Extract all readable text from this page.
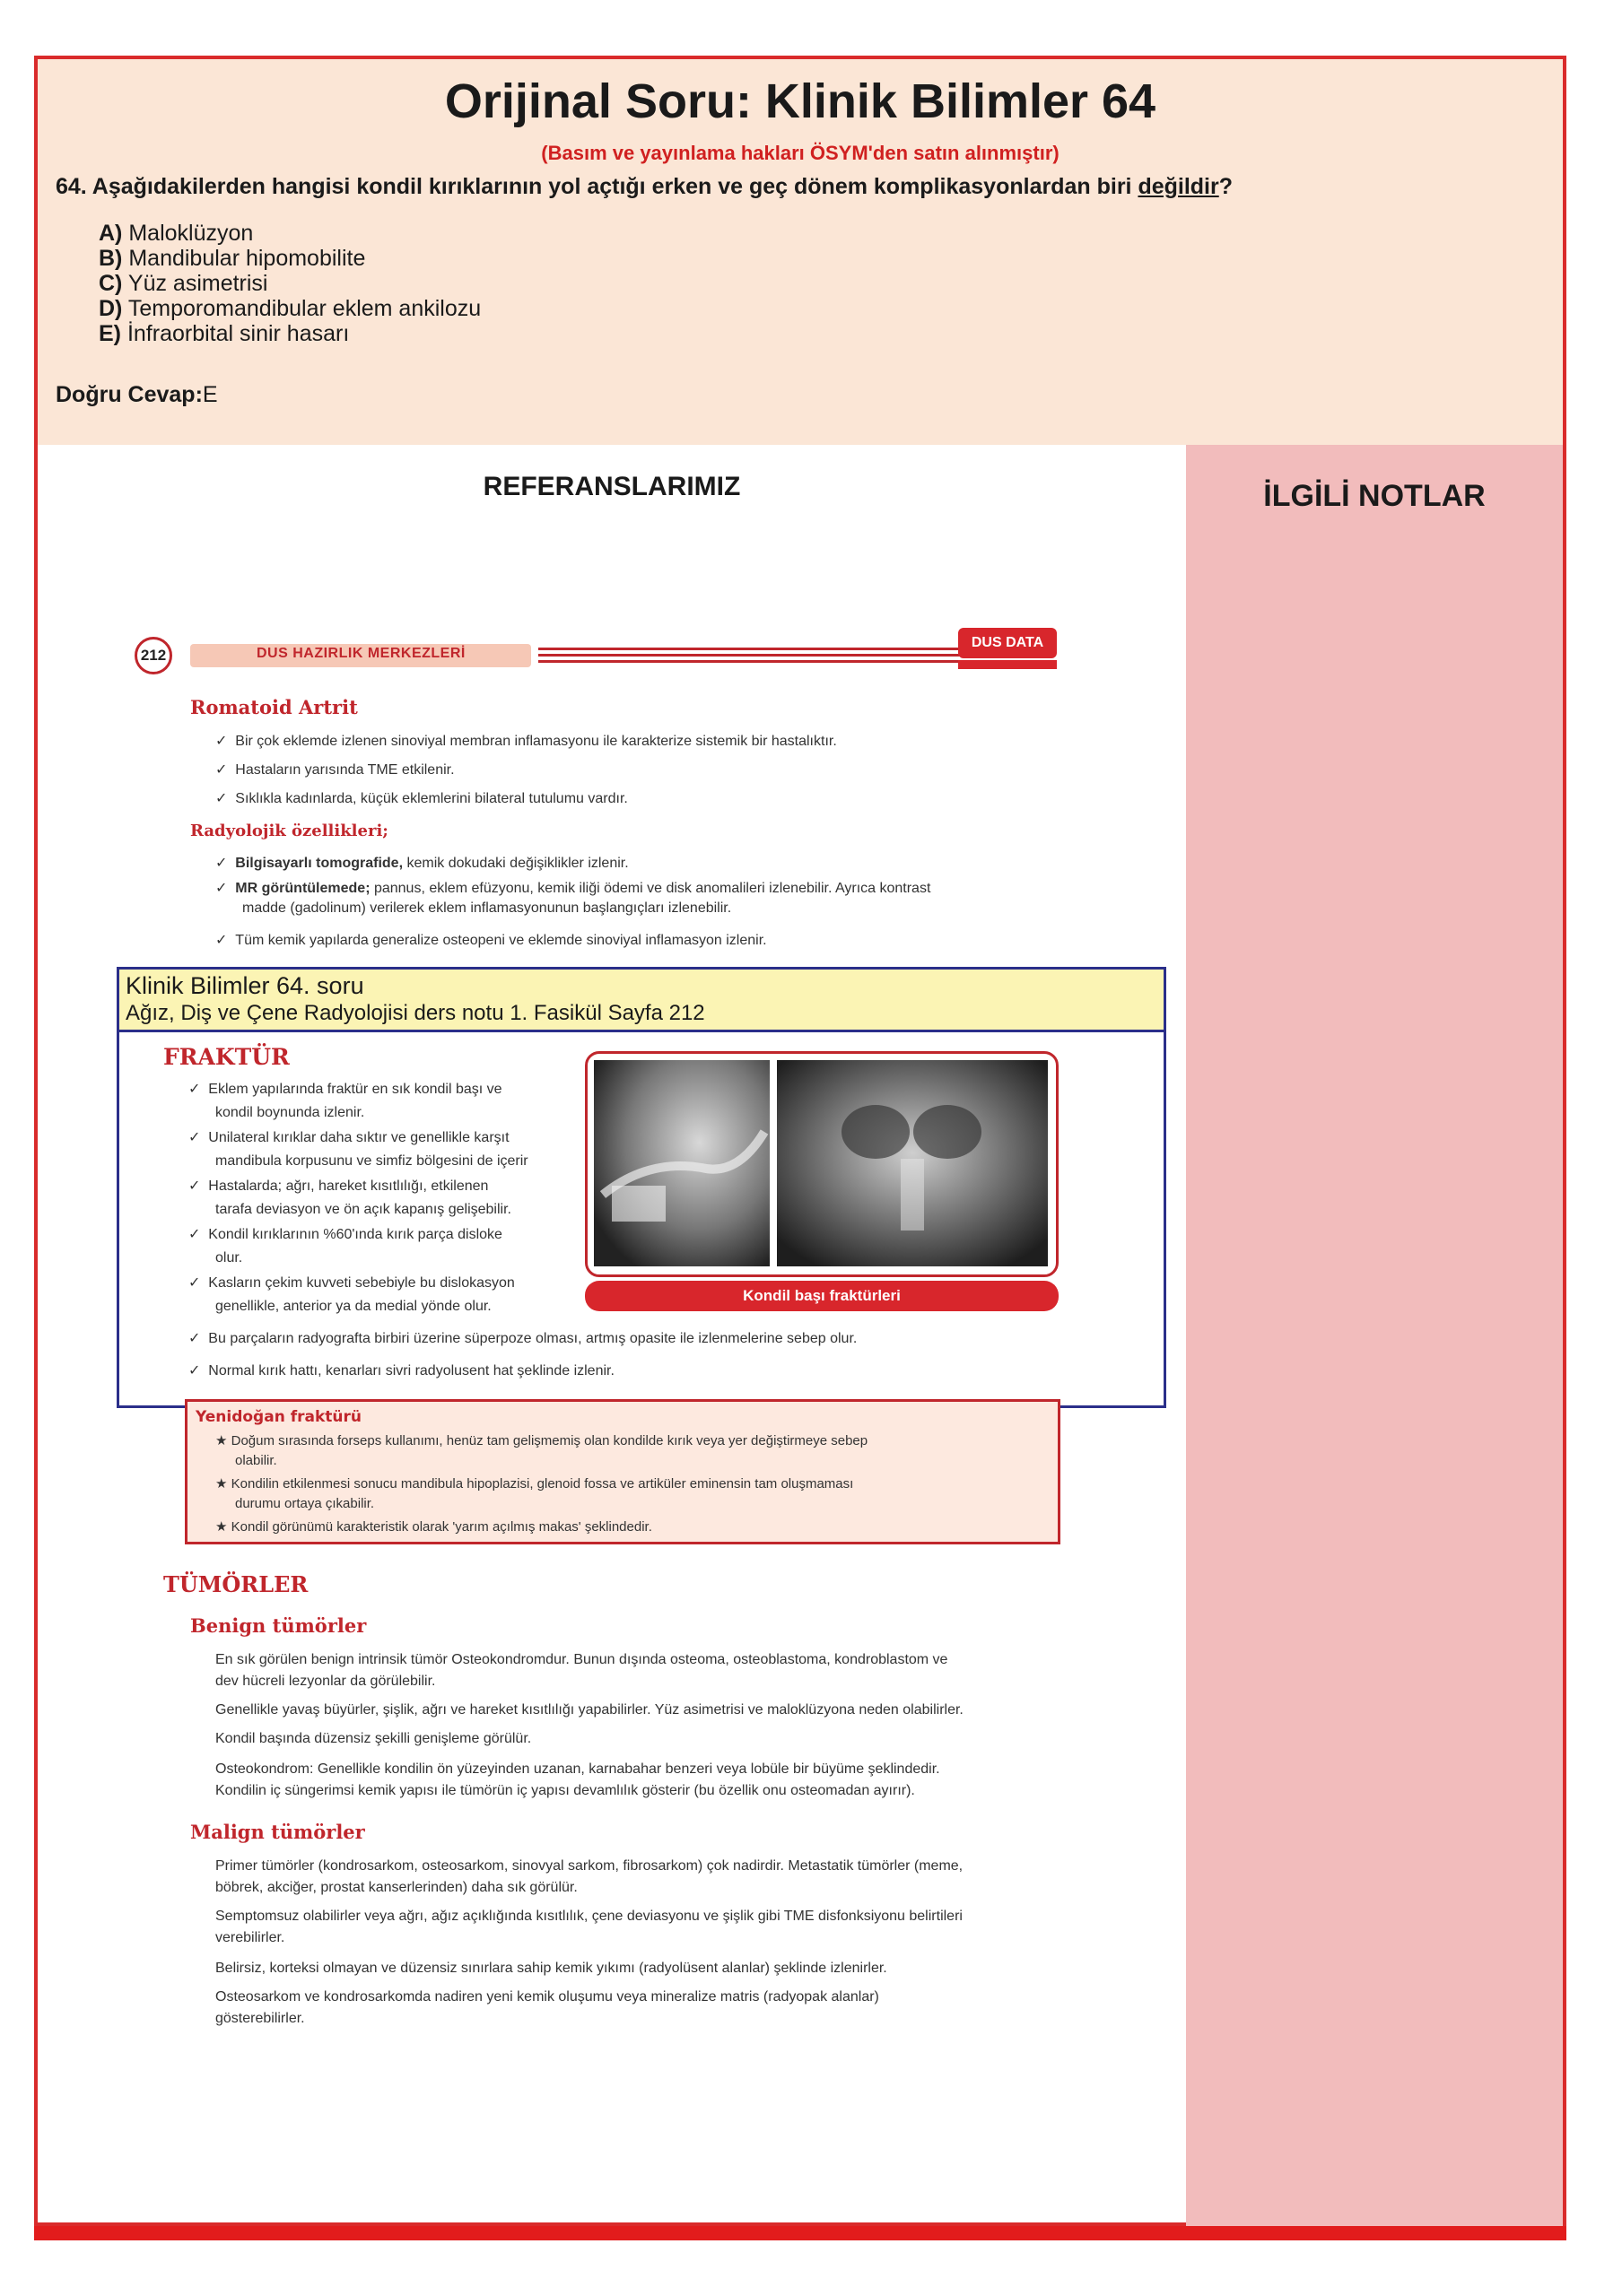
Orijinal Soru: Klinik Bilimler 64
(Basım ve yayınlama hakları ÖSYM'den satın alınmıştır)
64. Aşağıdakilerden hangisi kondil kırıklarının yol açtığı erken ve geç dönem komplikasyonlardan biri değildir?
A) Maloklüzyon
B) Mandibular hipomobilite
C) Yüz asimetrisi
D) Temporomandibular eklem ankilozu
E) İnfraorbital sinir hasarı
Doğru Cevap:E
REFERANSLARIMIZ	İLGİLİ NOTLAR
212	DUS HAZIRLIK MERKEZLERİ
DUS DATA
Romatoid Artrit
✓  Bir çok eklemde izlenen sinoviyal membran inflamasyonu ile karakterize sistemik bir hastalıktır.
✓  Hastaların yarısında TME etkilenir.
✓  Sıklıkla kadınlarda, küçük eklemlerini bilateral tutulumu vardır.
Radyolojik özellikleri;
✓  Bilgisayarlı tomografide, kemik dokudaki değişiklikler izlenir.
✓  MR görüntülemede; pannus, eklem efüzyonu, kemik iliği ödemi ve disk anomalileri izlenebilir. Ayrıca kontrast
madde (gadolinum) verilerek eklem inflamasyonunun başlangıçları izlenebilir.
✓  Tüm kemik yapılarda generalize osteopeni ve eklemde sinoviyal inflamasyon izlenir.
Klinik Bilimler 64. soru
Ağız, Diş ve Çene Radyolojisi ders notu 1. Fasikül Sayfa 212
FRAKTÜR
✓  Eklem yapılarında fraktür en sık kondil başı ve
kondil boynunda izlenir.
✓  Unilateral kırıklar daha sıktır ve genellikle karşıt
mandibula korpusunu ve simfiz bölgesini de içerir
✓  Hastalarda; ağrı, hareket kısıtlılığı, etkilenen
tarafa deviasyon ve ön açık kapanış gelişebilir.
✓  Kondil kırıklarının %60'ında kırık parça disloke
olur.
✓  Kasların çekim kuvveti sebebiyle bu dislokasyon
genellikle, anterior ya da medial yönde olur.
✓  Bu parçaların radyografta birbiri üzerine süperpoze olması, artmış opasite ile izlenmelerine sebep olur.
✓  Normal kırık hattı, kenarları sivri radyolusent hat şeklinde izlenir.
Kondil başı fraktürleri
Yenidoğan fraktürü
★ Doğum sırasında forseps kullanımı, henüz tam gelişmemiş olan kondilde kırık veya yer değiştirmeye sebep
olabilir.
★ Kondilin etkilenmesi sonucu mandibula hipoplazisi, glenoid fossa ve artiküler eminensin tam oluşmaması
durumu ortaya çıkabilir.
★ Kondil görünümü karakteristik olarak 'yarım açılmış makas' şeklindedir.
TÜMÖRLER
Benign tümörler
En sık görülen benign intrinsik tümör Osteokondromdur. Bunun dışında osteoma, osteoblastoma, kondroblastom ve
dev hücreli lezyonlar da görülebilir.
Genellikle yavaş büyürler, şişlik, ağrı ve hareket kısıtlılığı yapabilirler. Yüz asimetrisi ve maloklüzyona neden olabilirler.
Kondil başında düzensiz şekilli genişleme görülür.
Osteokondrom: Genellikle kondilin ön yüzeyinden uzanan, karnabahar benzeri veya lobüle bir büyüme şeklindedir.
Kondilin iç süngerimsi kemik yapısı ile tümörün iç yapısı devamlılık gösterir (bu özellik onu osteomadan ayırır).
Malign tümörler
Primer tümörler (kondrosarkom, osteosarkom, sinovyal sarkom, fibrosarkom) çok nadirdir. Metastatik tümörler (meme,
böbrek, akciğer, prostat kanserlerinden) daha sık görülür.
Semptomsuz olabilirler veya ağrı, ağız açıklığında kısıtlılık, çene deviasyonu ve şişlik gibi TME disfonksiyonu belirtileri
verebilirler.
Belirsiz, korteksi olmayan ve düzensiz sınırlara sahip kemik yıkımı (radyolüsent alanlar) şeklinde izlenirler.
Osteosarkom ve kondrosarkomda nadiren yeni kemik oluşumu veya mineralize matris (radyopak alanlar)
gösterebilirler.
